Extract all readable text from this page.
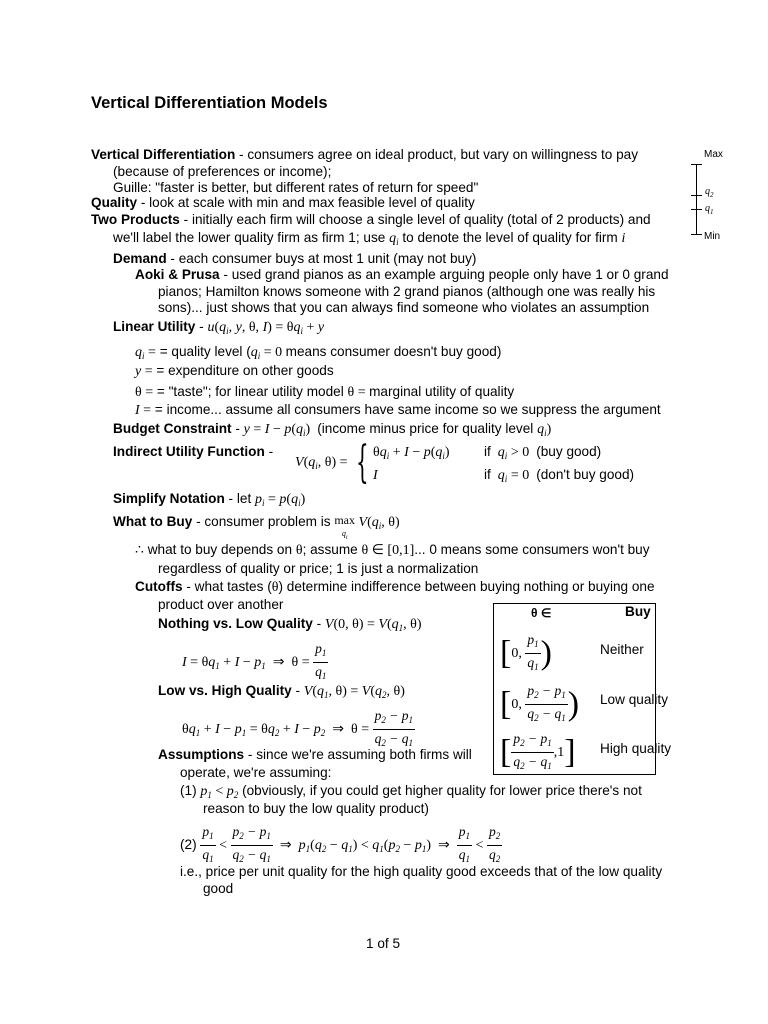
Vertical Differentiation Models
Max
$q_2$
$q_1$
Min
Vertical Differentiation - consumers agree on ideal product, but vary on willingness to pay
(because of preferences or income);
Guille: "faster is better, but different rates of return for speed"
Quality - look at scale with min and max feasible level of quality
Two Products - initially each firm will choose a single level of quality (total of 2 products) and
we'll label the lower quality firm as firm 1; use $q_i$ to denote the level of quality for firm i
Demand - each consumer buys at most 1 unit (may not buy)
Aoki & Prusa - used grand pianos as an example arguing people only have 1 or 0 grand
pianos; Hamilton knows someone with 2 grand pianos (although one was really his
sons)... just shows that you can always find someone who violates an assumption
Linear Utility - $u(q_i$, y, θ, $I) = \theta q_i + y$
$q_i$ = = quality level ($q_i = 0$ means consumer doesn't buy good)
y = = expenditure on other goods
θ = = "taste"; for linear utility model θ = marginal utility of quality
I = = income... assume all consumers have same income so we suppress the argument
Budget Constraint - $y = I - p(q_i)$  (income minus price for quality level $q_i$)
Indirect Utility Function -
$V(q_i$, θ) = { $\theta q_i + I - p(q_i)$	if $q_i > 0$  (buy good)
I	if $q_i = 0$  (don't buy good)
Simplify Notation - let $p_i = p(q_i)$
What to Buy - consumer problem is max
$q_i$ $V(q_i$, θ)
∴ what to buy depends on θ; assume θ ∈ [0,1]... 0 means some consumers won't buy
regardless of quality or price; 1 is just a normalization
Cutoffs - what tastes (θ) determine indifference between buying nothing or buying one
product over another
Nothing vs. Low Quality - V(0, $\theta) = V(q_1$, θ)
$I = \theta q_1 + I - p_1$  ⇒  $\theta = \frac{p_1}{q_1}$
Low vs. High Quality - $V(q_1$, $\theta) = V(q_2$, θ)
$\theta q_1 + I - p_1 = \theta q_2 + I - p_2$  ⇒  $\theta = \frac{p_2 - p_1}{q_2 - q_1}$
Assumptions - since we're assuming both firms will
operate, we're assuming:
(1) $p_1 < p_2$ (obviously, if you could get higher quality for lower price there's not
reason to buy the low quality product)
$(2) \frac{p_1}{q_1} < \frac{p_2 - p_1}{q_2 - q_1}$ ⇒  $p_1(q_2 - q_1) < q_1(p_2 - p_1)$  ⇒ $\frac{p_1}{q_1} < \frac{p_2}{q_2}$
i.e., price per unit quality for the high quality good exceeds that of the low quality
good
θ ∈	Buy
[0, $\frac{p_1}{q_1}$ )	Neither
[0, $\frac{p_2 - p_1}{q_2 - q_1}$ ) Low quality
[ $\frac{p_2 - p_1}{q_2 - q_1} ,1$] High quality
1 of 5
